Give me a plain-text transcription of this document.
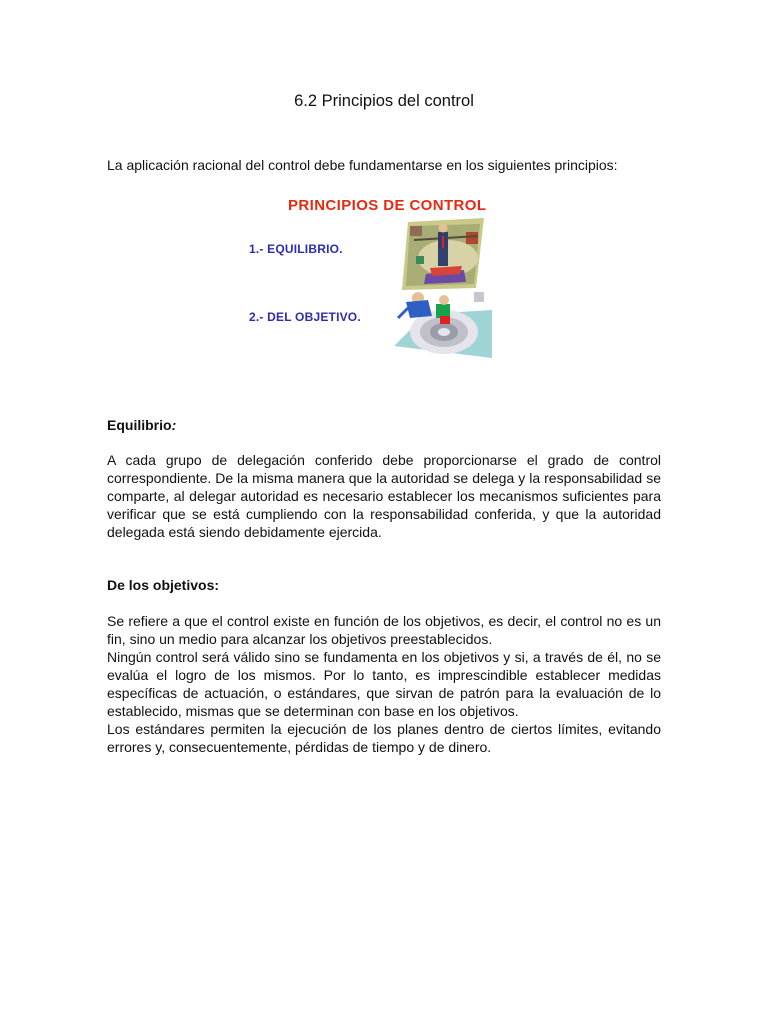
6.2 Principios del control
La aplicación racional del control debe fundamentarse en los siguientes principios:
PRINCIPIOS DE CONTROL
1.- EQUILIBRIO.
2.- DEL OBJETIVO.
Equilibrio:

A cada grupo de delegación conferido debe proporcionarse el grado de control correspondiente. De la misma manera que la autoridad se delega y la responsabilidad se comparte, al delegar autoridad es necesario establecer los mecanismos suficientes para verificar que se está cumpliendo con la responsabilidad conferida, y que la autoridad delegada está siendo debidamente ejercida.

De los objetivos:

Se refiere a que el control existe en función de los objetivos, es decir, el control no es un fin, sino un medio para alcanzar los objetivos preestablecidos.

Ningún control será válido sino se fundamenta en los objetivos y si, a través de él, no se evalúa el logro de los mismos. Por lo tanto, es imprescindible establecer medidas específicas de actuación, o estándares, que sirvan de patrón para la evaluación de lo establecido, mismas que se determinan con base en los objetivos.

Los estándares permiten la ejecución de los planes dentro de ciertos límites, evitando errores y, consecuentemente, pérdidas de tiempo y de dinero.
